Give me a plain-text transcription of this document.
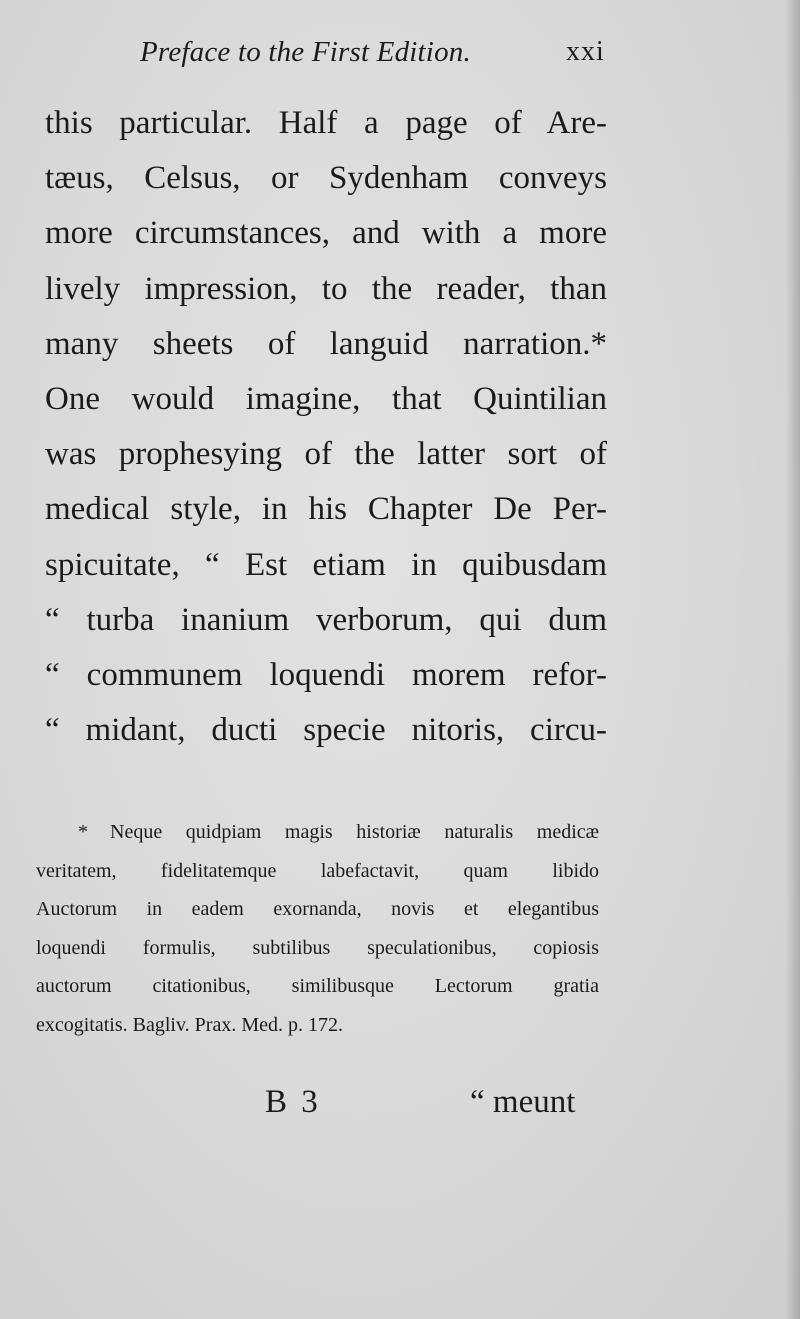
Preface to the First Edition.	xxi
this particular. Half a page of Are-
tæus, Celsus, or Sydenham conveys
more circumstances, and with a more
lively impression, to the reader, than
many sheets of languid narration.*
One would imagine, that Quintilian
was prophesying of the latter sort of
medical style, in his Chapter De Per-
spicuitate, “ Est etiam in quibusdam
“ turba inanium verborum, qui dum
“ communem loquendi morem refor-
“ midant, ducti specie nitoris, circu-
* Neque quidpiam magis historiæ naturalis medicæ
veritatem, fidelitatemque labefactavit, quam libido
Auctorum in eadem exornanda, novis et elegantibus
loquendi formulis, subtilibus speculationibus, copiosis
auctorum citationibus, similibusque Lectorum gratia
excogitatis. Bagliv. Prax. Med. p. 172.
B 3	“ meunt
